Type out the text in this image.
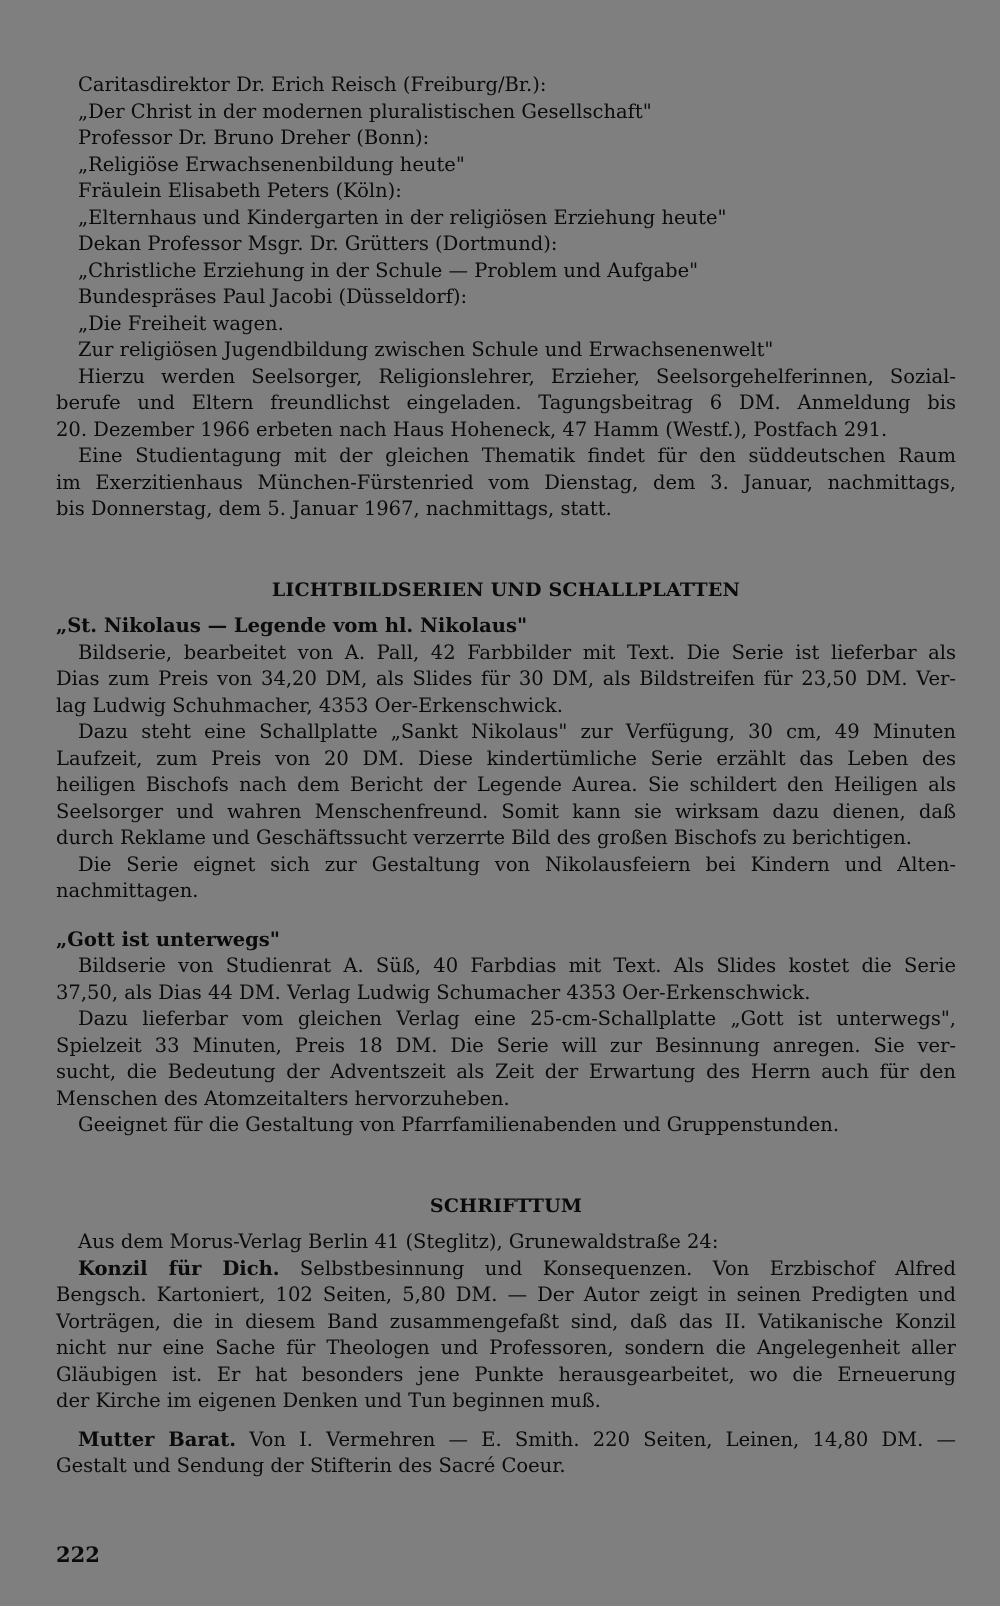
Caritasdirektor Dr. Erich Reisch (Freiburg/Br.):
„Der Christ in der modernen pluralistischen Gesellschaft"
Professor Dr. Bruno Dreher (Bonn):
„Religiöse Erwachsenenbildung heute"
Fräulein Elisabeth Peters (Köln):
„Elternhaus und Kindergarten in der religiösen Erziehung heute"
Dekan Professor Msgr. Dr. Grütters (Dortmund):
„Christliche Erziehung in der Schule — Problem und Aufgabe"
Bundespräses Paul Jacobi (Düsseldorf):
„Die Freiheit wagen.
Zur religiösen Jugendbildung zwischen Schule und Erwachsenenwelt"

Hierzu werden Seelsorger, Religionslehrer, Erzieher, Seelsorgehelferinnen, Sozial-
berufe und Eltern freundlichst eingeladen. Tagungsbeitrag 6 DM. Anmeldung bis
20. Dezember 1966 erbeten nach Haus Hoheneck, 47 Hamm (Westf.), Postfach 291.

Eine Studientagung mit der gleichen Thematik findet für den süddeutschen Raum
im Exerzitienhaus München-Fürstenried vom Dienstag, dem 3. Januar, nachmittags,
bis Donnerstag, dem 5. Januar 1967, nachmittags, statt.

LICHTBILDSERIEN UND SCHALLPLATTEN
„St. Nikolaus — Legende vom hl. Nikolaus"

Bildserie, bearbeitet von A. Pall, 42 Farbbilder mit Text. Die Serie ist lieferbar als
Dias zum Preis von 34,20 DM, als Slides für 30 DM, als Bildstreifen für 23,50 DM. Ver-
lag Ludwig Schuhmacher, 4353 Oer-Erkenschwick.

Dazu steht eine Schallplatte „Sankt Nikolaus" zur Verfügung, 30 cm, 49 Minuten
Laufzeit, zum Preis von 20 DM. Diese kindertümliche Serie erzählt das Leben des
heiligen Bischofs nach dem Bericht der Legende Aurea. Sie schildert den Heiligen als
Seelsorger und wahren Menschenfreund. Somit kann sie wirksam dazu dienen, daß
durch Reklame und Geschäftssucht verzerrte Bild des großen Bischofs zu berichtigen.

Die Serie eignet sich zur Gestaltung von Nikolausfeiern bei Kindern und Alten-
nachmittagen.

„Gott ist unterwegs"

Bildserie von Studienrat A. Süß, 40 Farbdias mit Text. Als Slides kostet die Serie
37,50, als Dias 44 DM. Verlag Ludwig Schumacher 4353 Oer-Erkenschwick.

Dazu lieferbar vom gleichen Verlag eine 25-cm-Schallplatte „Gott ist unterwegs",
Spielzeit 33 Minuten, Preis 18 DM. Die Serie will zur Besinnung anregen. Sie ver-
sucht, die Bedeutung der Adventszeit als Zeit der Erwartung des Herrn auch für den
Menschen des Atomzeitalters hervorzuheben.

Geeignet für die Gestaltung von Pfarrfamilienabenden und Gruppenstunden.

SCHRIFTTUM

Aus dem Morus-Verlag Berlin 41 (Steglitz), Grunewaldstraße 24:

Konzil für Dich. Selbstbesinnung und Konsequenzen. Von Erzbischof Alfred
Bengsch. Kartoniert, 102 Seiten, 5,80 DM. — Der Autor zeigt in seinen Predigten und
Vorträgen, die in diesem Band zusammengefaßt sind, daß das II. Vatikanische Konzil
nicht nur eine Sache für Theologen und Professoren, sondern die Angelegenheit aller
Gläubigen ist. Er hat besonders jene Punkte herausgearbeitet, wo die Erneuerung
der Kirche im eigenen Denken und Tun beginnen muß.

Mutter Barat. Von I. Vermehren — E. Smith. 220 Seiten, Leinen, 14,80 DM. —
Gestalt und Sendung der Stifterin des Sacré Coeur.

222
